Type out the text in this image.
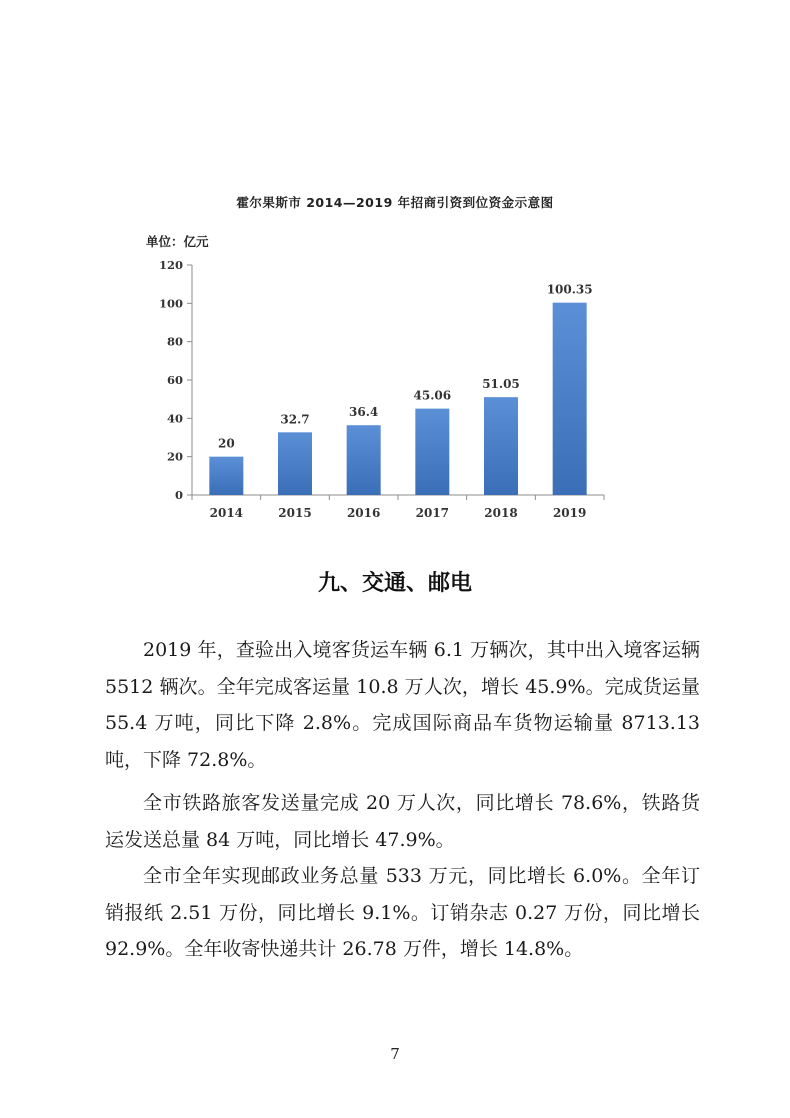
霍尔果斯市 2014—2019 年招商引资到位资金示意图
单位：亿元
0
20
40
60
80
100
120
20
2014
32.7
2015
36.4
2016
45.06
2017
51.05
2018
100.35
2019
九、交通、邮电

2019 年，查验出入境客货运车辆 6.1 万辆次，其中出入境客运辆 5512 辆次。全年完成客运量 10.8 万人次，增长 45.9%。完成货运量 55.4 万吨，同比下降 2.8%。完成国际商品车货物运输量 8713.13 吨，下降 72.8%。

全市铁路旅客发送量完成 20 万人次，同比增长 78.6%，铁路货运发送总量 84 万吨，同比增长 47.9%。

全市全年实现邮政业务总量 533 万元，同比增长 6.0%。全年订销报纸 2.51 万份，同比增长 9.1%。订销杂志 0.27 万份，同比增长 92.9%。全年收寄快递共计 26.78 万件，增长 14.8%。

7
